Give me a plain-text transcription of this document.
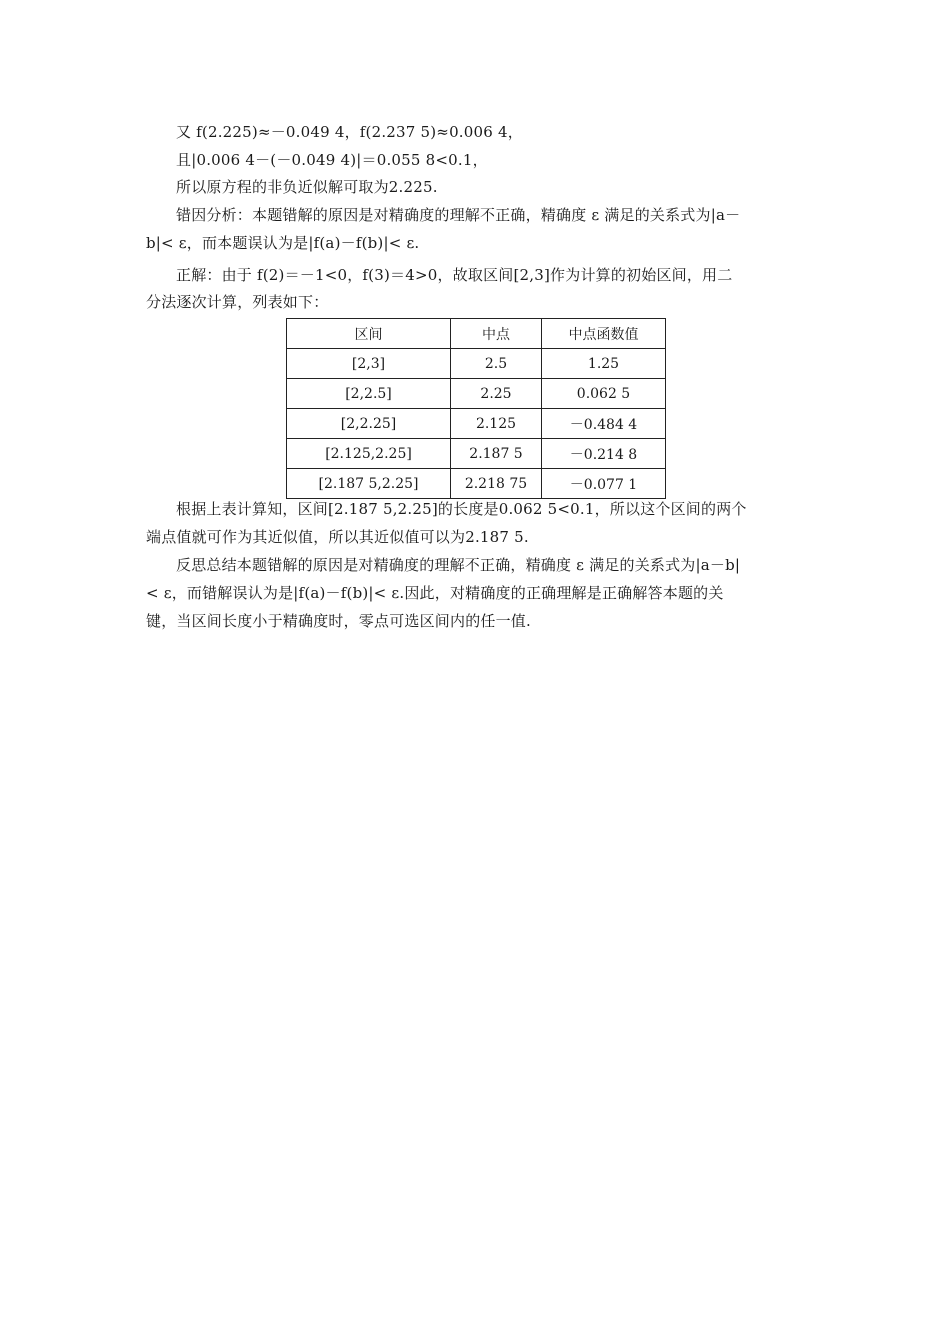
又 f(2.225)≈－0.049 4，f(2.237 5)≈0.006 4，
且|0.006 4－(－0.049 4)|＝0.055 8<0.1，
所以原方程的非负近似解可取为2.225.
错因分析：本题错解的原因是对精确度的理解不正确，精确度 ε 满足的关系式为|a－
b|< ε，而本题误认为是|f(a)－f(b)|< ε.
正解：由于 f(2)＝－1<0，f(3)＝4>0，故取区间[2,3]作为计算的初始区间，用二
分法逐次计算，列表如下：
区间	中点	中点函数值
[2,3]	2.5	1.25
[2,2.5]	2.25	0.062 5
[2,2.25]	2.125	－0.484 4
[2.125,2.25]	2.187 5	－0.214 8
[2.187 5,2.25]	2.218 75	－0.077 1
根据上表计算知，区间[2.187 5,2.25]的长度是0.062 5<0.1，所以这个区间的两个
端点值就可作为其近似值，所以其近似值可以为2.187 5.
反思总结本题错解的原因是对精确度的理解不正确，精确度 ε 满足的关系式为|a－b|
< ε，而错解误认为是|f(a)－f(b)|< ε.因此，对精确度的正确理解是正确解答本题的关
键，当区间长度小于精确度时，零点可选区间内的任一值.
